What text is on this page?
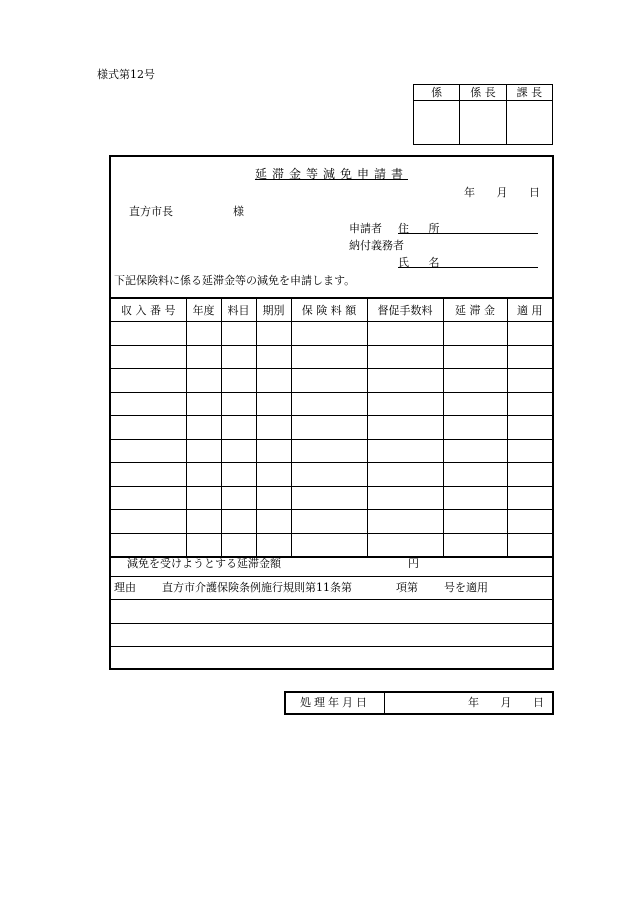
様式第12号
係	係 長	課 長

延滞金等減免申請書
年 月 日
直方市長	様
申請者 住 所
納付義務者
氏 名
下記保険料に係る延滞金等の減免を申請します。
収 入 番 号	年度	料目	期別	保 険 料 額	督促手数料	延 滞 金	適 用

減免を受けようとする延滞金額	円
理由 直方市介護保険条例施行規則第11条第	項第 号を適用
処理年月日	年 月 日
